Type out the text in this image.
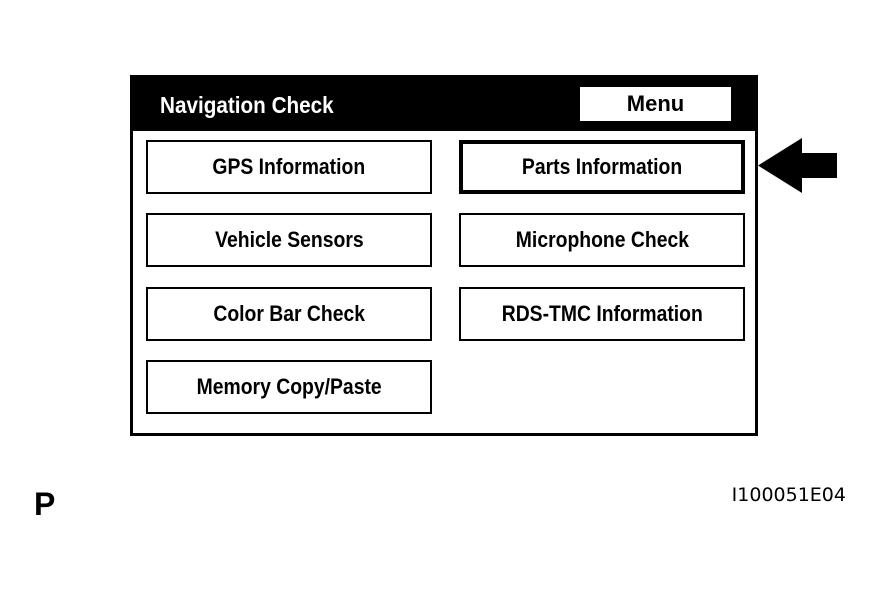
Navigation Check	Menu
GPS Information	Parts Information
Vehicle Sensors	Microphone Check
Color Bar Check	RDS-TMC Information
Memory Copy/Paste
P	I100051E04
